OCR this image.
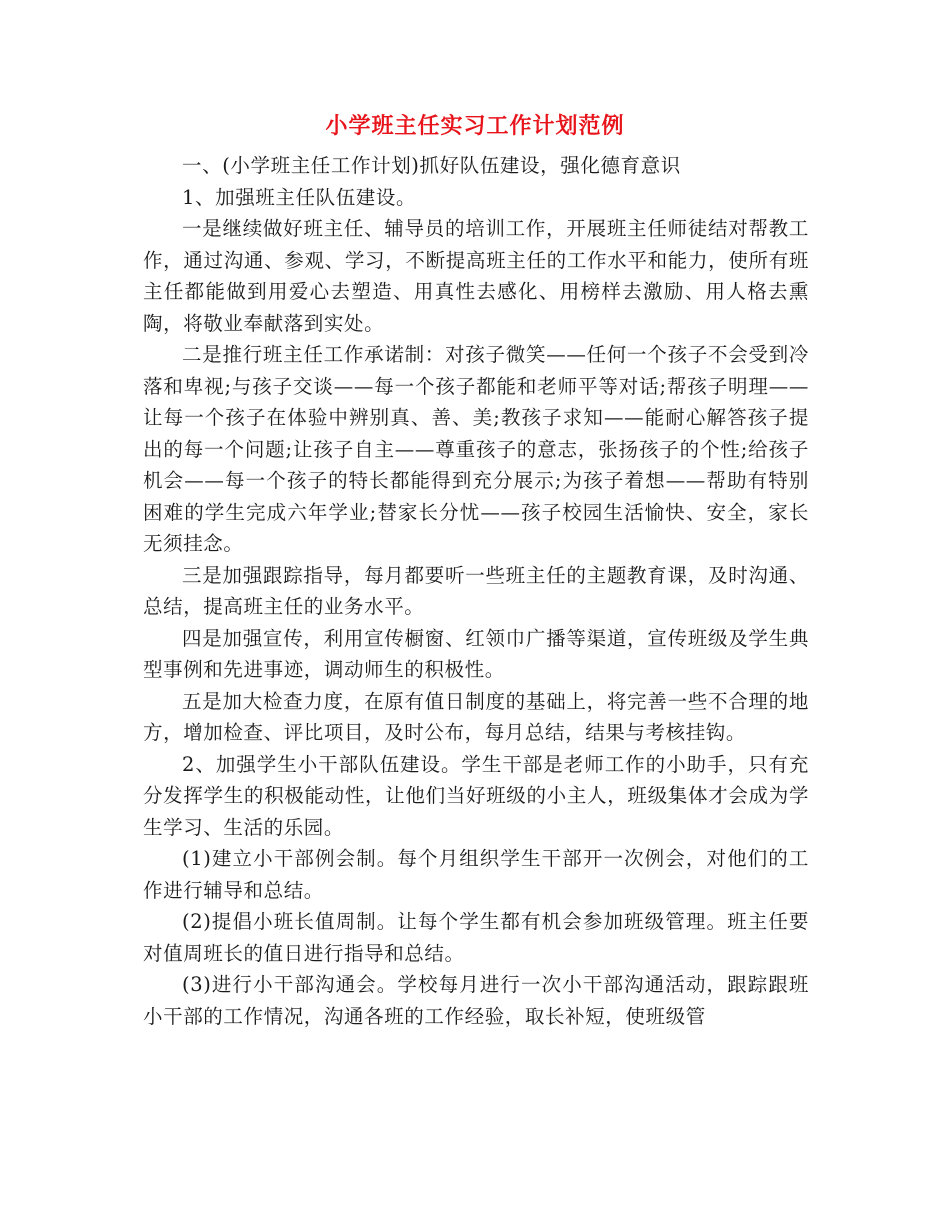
小学班主任实习工作计划范例

一、(小学班主任工作计划)抓好队伍建设，强化德育意识

1、加强班主任队伍建设。

一是继续做好班主任、辅导员的培训工作，开展班主任师徒结对帮教工作，通过沟通、参观、学习，不断提高班主任的工作水平和能力，使所有班主任都能做到用爱心去塑造、用真性去感化、用榜样去激励、用人格去熏陶，将敬业奉献落到实处。

二是推行班主任工作承诺制：对孩子微笑——任何一个孩子不会受到冷落和卑视;与孩子交谈——每一个孩子都能和老师平等对话;帮孩子明理——让每一个孩子在体验中辨别真、善、美;教孩子求知——能耐心解答孩子提出的每一个问题;让孩子自主——尊重孩子的意志，张扬孩子的个性;给孩子机会——每一个孩子的特长都能得到充分展示;为孩子着想——帮助有特别困难的学生完成六年学业;替家长分忧——孩子校园生活愉快、安全，家长无须挂念。

三是加强跟踪指导，每月都要听一些班主任的主题教育课，及时沟通、总结，提高班主任的业务水平。

四是加强宣传，利用宣传橱窗、红领巾广播等渠道，宣传班级及学生典型事例和先进事迹，调动师生的积极性。

五是加大检查力度，在原有值日制度的基础上，将完善一些不合理的地方，增加检查、评比项目，及时公布，每月总结，结果与考核挂钩。

2、加强学生小干部队伍建设。学生干部是老师工作的小助手，只有充分发挥学生的积极能动性，让他们当好班级的小主人，班级集体才会成为学生学习、生活的乐园。

(1)建立小干部例会制。每个月组织学生干部开一次例会，对他们的工作进行辅导和总结。

(2)提倡小班长值周制。让每个学生都有机会参加班级管理。班主任要对值周班长的值日进行指导和总结。

(3)进行小干部沟通会。学校每月进行一次小干部沟通活动，跟踪跟班小干部的工作情况，沟通各班的工作经验，取长补短，使班级管
